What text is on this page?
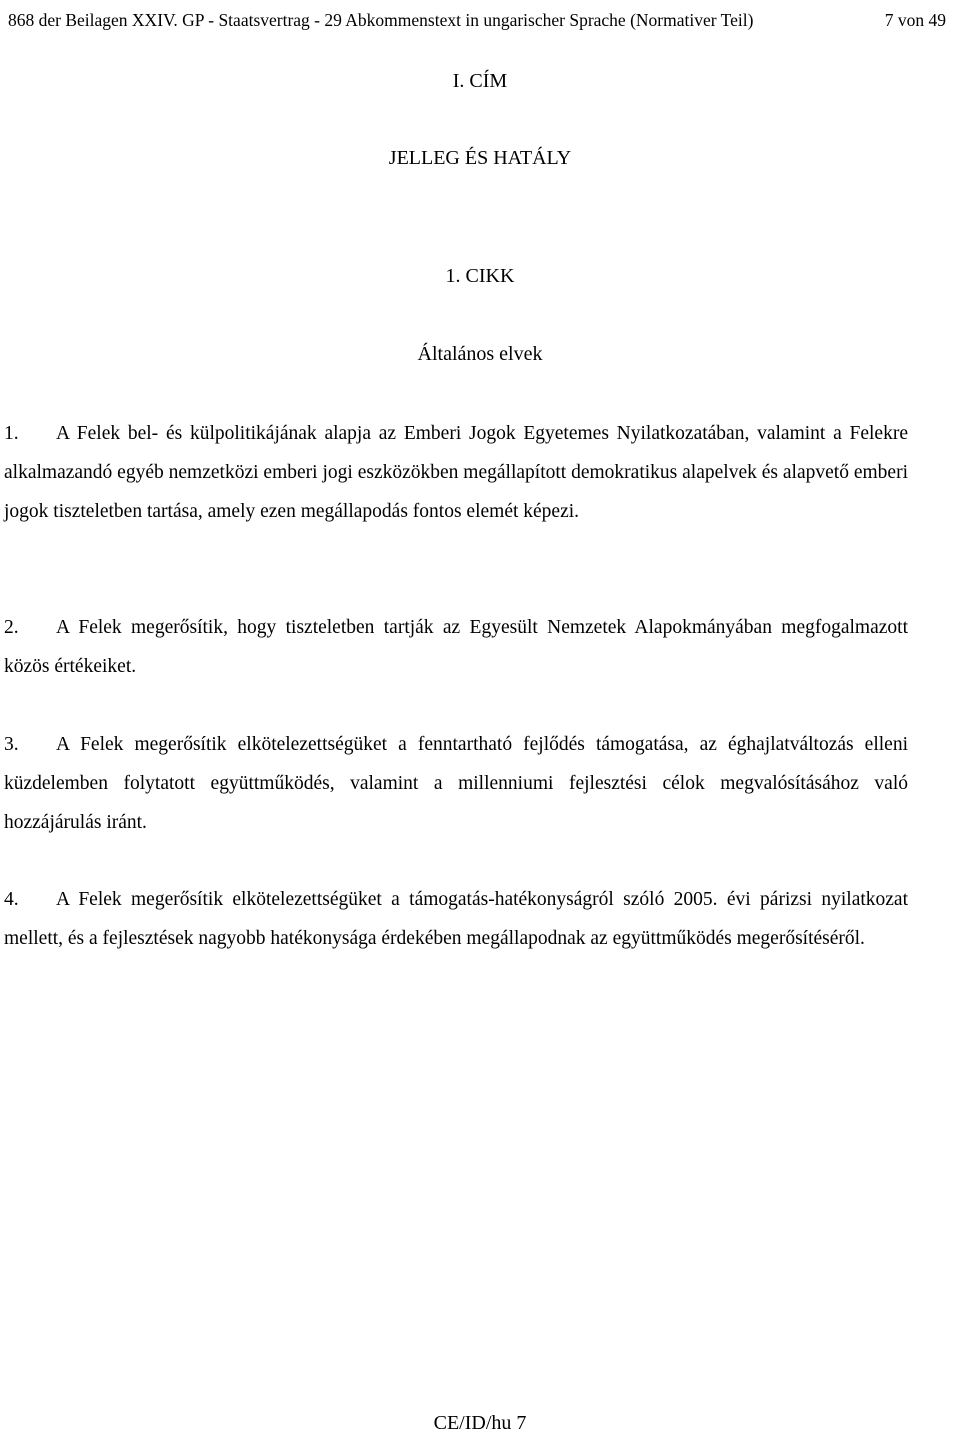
868 der Beilagen XXIV. GP - Staatsvertrag - 29 Abkommenstext in ungarischer Sprache (Normativer Teil)	7 von 49
I. CÍM
JELLEG ÉS HATÁLY
1. CIKK
Általános elvek

1. A Felek bel- és külpolitikájának alapja az Emberi Jogok Egyetemes Nyilatkozatában, valamint a Felekre alkalmazandó egyéb nemzetközi emberi jogi eszközökben megállapított demokratikus alapelvek és alapvető emberi jogok tiszteletben tartása, amely ezen megállapodás fontos elemét képezi.

2. A Felek megerősítik, hogy tiszteletben tartják az Egyesült Nemzetek Alapokmányában megfogalmazott közös értékeiket.

3. A Felek megerősítik elkötelezettségüket a fenntartható fejlődés támogatása, az éghajlatváltozás elleni küzdelemben folytatott együttműködés, valamint a millenniumi fejlesztési célok megvalósításához való hozzájárulás iránt.

4. A Felek megerősítik elkötelezettségüket a támogatás-hatékonyságról szóló 2005. évi párizsi nyilatkozat mellett, és a fejlesztések nagyobb hatékonysága érdekében megállapodnak az együttműködés megerősítéséről.

CE/ID/hu 7
